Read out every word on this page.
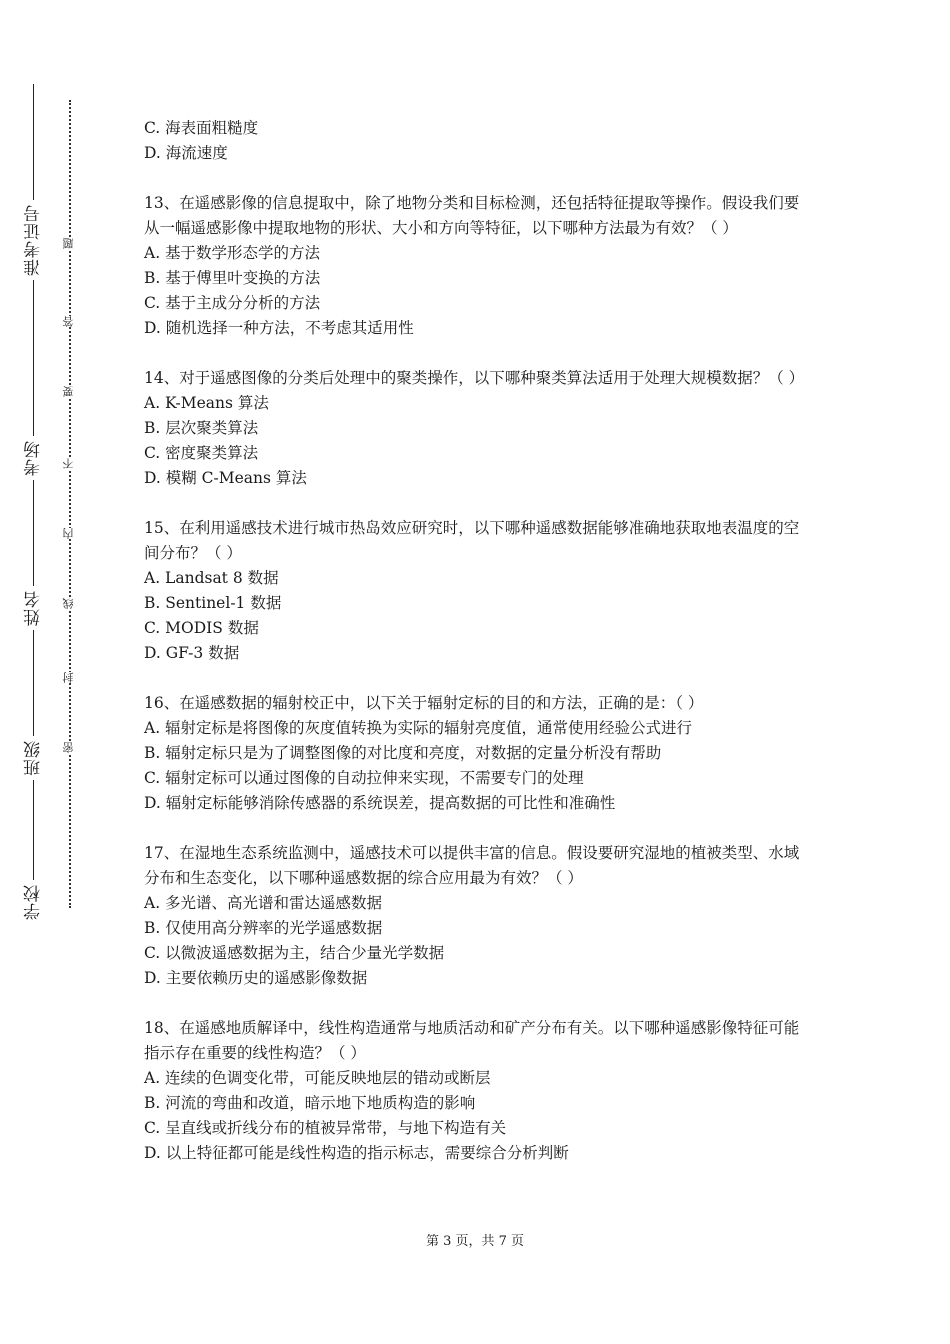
准考证号
考场
姓名
班级
学校
题
答
要
不
内
线
封
密

C. 海表面粗糙度

D. 海流速度

13、在遥感影像的信息提取中，除了地物分类和目标检测，还包括特征提取等操作。假设我们要从一幅遥感影像中提取地物的形状、大小和方向等特征，以下哪种方法最为有效？（ ）

A. 基于数学形态学的方法

B. 基于傅里叶变换的方法

C. 基于主成分分析的方法

D. 随机选择一种方法，不考虑其适用性

14、对于遥感图像的分类后处理中的聚类操作，以下哪种聚类算法适用于处理大规模数据？（ ）

A. K-Means 算法

B. 层次聚类算法

C. 密度聚类算法

D. 模糊 C-Means 算法

15、在利用遥感技术进行城市热岛效应研究时，以下哪种遥感数据能够准确地获取地表温度的空间分布？（ ）

A. Landsat 8 数据

B. Sentinel-1 数据

C. MODIS 数据

D. GF-3 数据

16、在遥感数据的辐射校正中，以下关于辐射定标的目的和方法，正确的是：（ ）

A. 辐射定标是将图像的灰度值转换为实际的辐射亮度值，通常使用经验公式进行

B. 辐射定标只是为了调整图像的对比度和亮度，对数据的定量分析没有帮助

C. 辐射定标可以通过图像的自动拉伸来实现，不需要专门的处理

D. 辐射定标能够消除传感器的系统误差，提高数据的可比性和准确性

17、在湿地生态系统监测中，遥感技术可以提供丰富的信息。假设要研究湿地的植被类型、水域分布和生态变化，以下哪种遥感数据的综合应用最为有效？（ ）

A. 多光谱、高光谱和雷达遥感数据

B. 仅使用高分辨率的光学遥感数据

C. 以微波遥感数据为主，结合少量光学数据

D. 主要依赖历史的遥感影像数据

18、在遥感地质解译中，线性构造通常与地质活动和矿产分布有关。以下哪种遥感影像特征可能指示存在重要的线性构造？（ ）

A. 连续的色调变化带，可能反映地层的错动或断层

B. 河流的弯曲和改道，暗示地下地质构造的影响

C. 呈直线或折线分布的植被异常带，与地下构造有关

D. 以上特征都可能是线性构造的指示标志，需要综合分析判断

第 3 页，共 7 页
